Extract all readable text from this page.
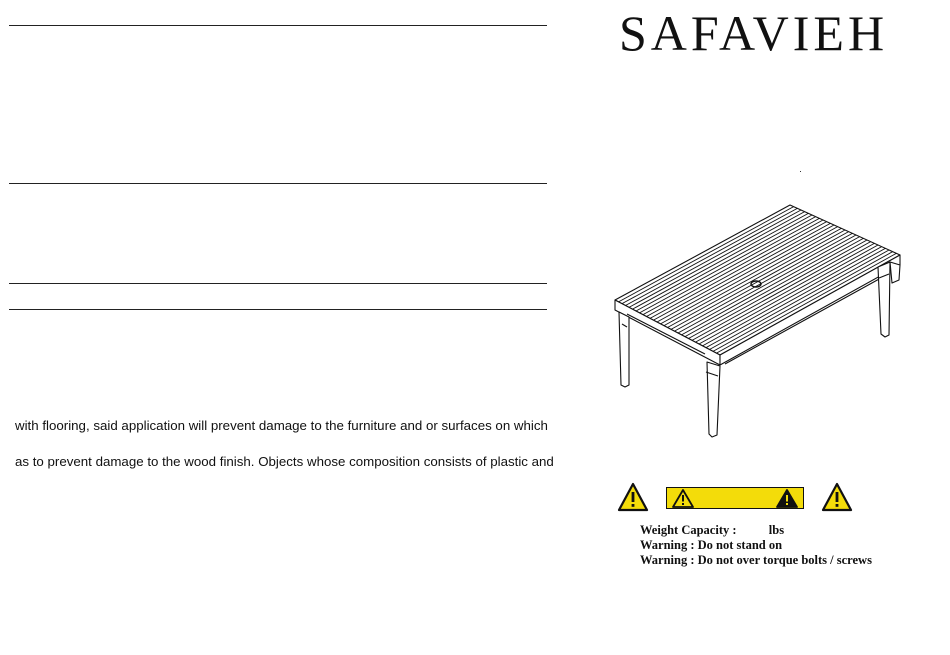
with flooring, said application will prevent damage to the furniture and or surfaces on which
as to prevent damage to the wood finish. Objects whose composition consists of plastic and
SAFAVIEH
Weight Capacity :	lbs
Warning : Do not stand on
Warning : Do not over torque bolts / screws
